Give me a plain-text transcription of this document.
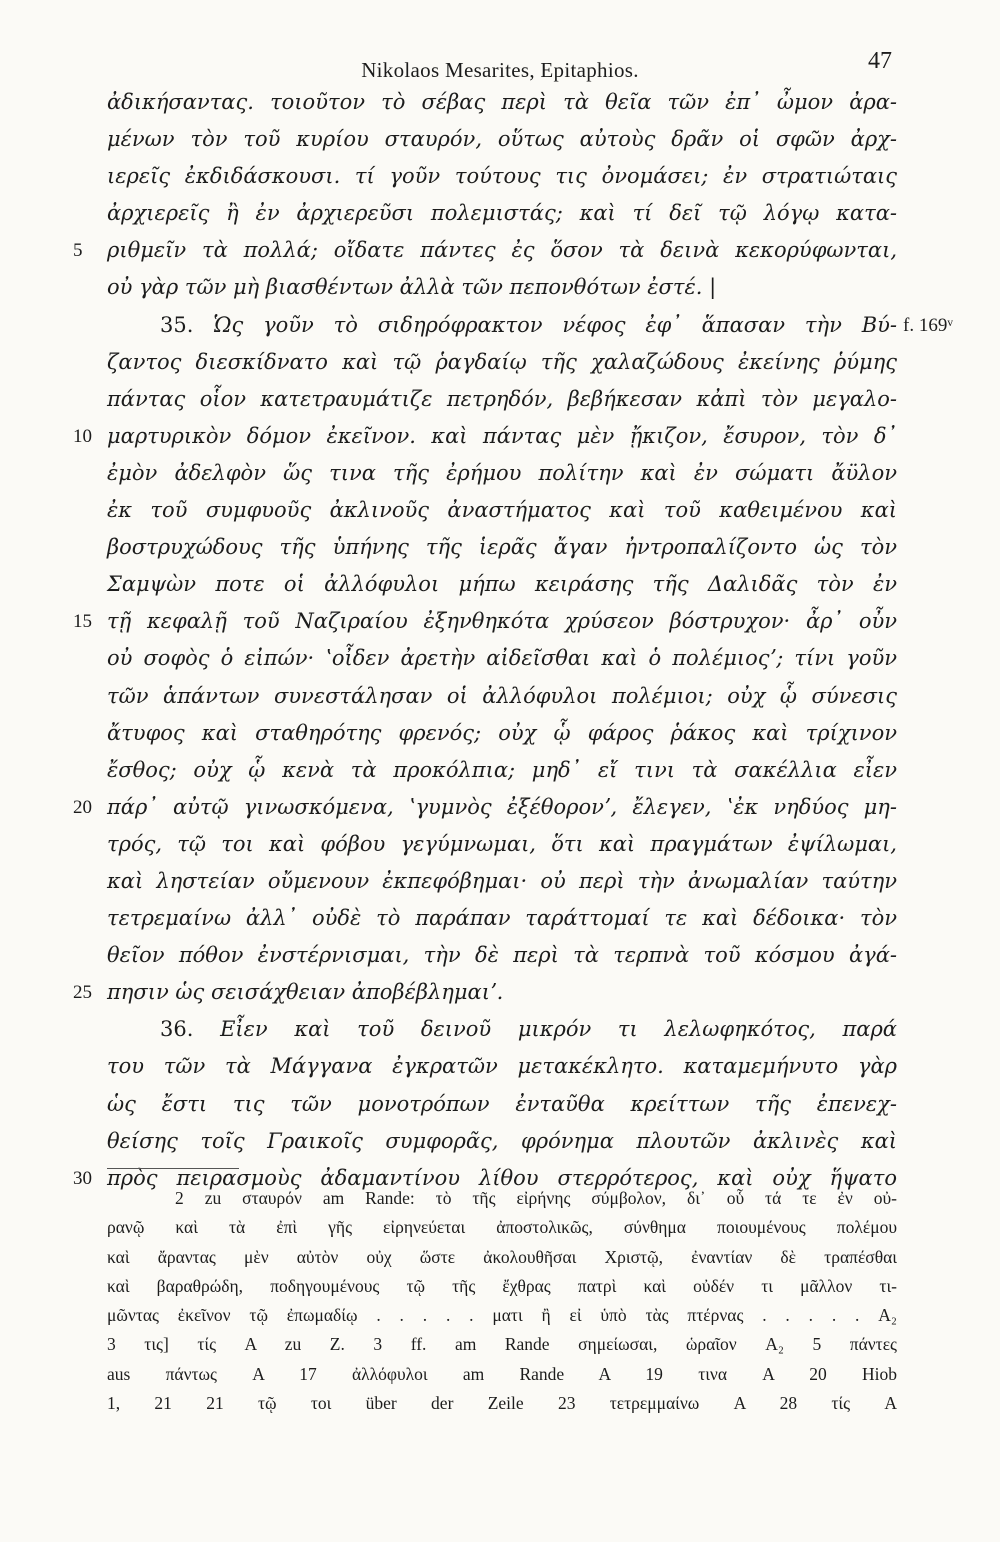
Nikolaos Mesarites, Epitaphios.	47
ἀδικήσαντας. τοιοῦτον τὸ σέβας περὶ τὰ θεῖα τῶν ἐπ᾽ ὦμον ἀρα-
μένων τὸν τοῦ κυρίου σταυρόν, οὕτως αὐτοὺς δρᾶν οἱ σφῶν ἀρχ-
ιερεῖς ἐκδιδάσκουσι. τί γοῦν τούτους τις ὀνομάσει; ἐν στρατιώταις
ἀρχιερεῖς ἢ ἐν ἀρχιερεῦσι πολεμιστάς; καὶ τί δεῖ τῷ λόγῳ κατα-
5	ριθμεῖν τὰ πολλά; οἴδατε πάντες ἐς ὅσον τὰ δεινὰ κεκορύφωνται,
οὐ γὰρ τῶν μὴ βιασθέντων ἀλλὰ τῶν πεπονθότων ἐστέ. |
35. Ὡς γοῦν τὸ σιδηρόφρακτον νέφος ἐφ᾽ ἅπασαν τὴν Βύ- f. 169ᵛ
ζαντος διεσκίδνατο καὶ τῷ ῥαγδαίῳ τῆς χαλαζώδους ἐκείνης ῥύμης
πάντας οἷον κατετραυμάτιζε πετρηδόν, βεβήκεσαν κἀπὶ τὸν μεγαλο-
10 μαρτυρικὸν δόμον ἐκεῖνον. καὶ πάντας μὲν ᾔκιζον, ἔσυρον, τὸν δ᾽
ἐμὸν ἀδελφὸν ὥς τινα τῆς ἐρήμου πολίτην καὶ ἐν σώματι ἄϋλον
ἐκ τοῦ συμφυοῦς ἀκλινοῦς ἀναστήματος καὶ τοῦ καθειμένου καὶ
βοστρυχώδους τῆς ὑπήνης τῆς ἱερᾶς ἄγαν ἠντροπαλίζοντο ὡς τὸν
Σαμψὼν ποτε οἱ ἀλλόφυλοι μήπω κειράσης τῆς Δαλιδᾶς τὸν ἐν
15 τῇ κεφαλῇ τοῦ Ναζιραίου ἐξηνθηκότα χρύσεον βόστρυχον· ἆρ᾽ οὖν
οὐ σοφὸς ὁ εἰπών· ʽοἶδεν ἀρετὴν αἰδεῖσθαι καὶ ὁ πολέμιοςʼ; τίνι γοῦν
τῶν ἁπάντων συνεστάλησαν οἱ ἀλλόφυλοι πολέμιοι; οὐχ ᾧ σύνεσις
ἄτυφος καὶ σταθηρότης φρενός; οὐχ ᾧ φάρος ῥάκος καὶ τρίχινον
ἔσθος; οὐχ ᾧ κενὰ τὰ προκόλπια; μηδ᾽ εἴ τινι τὰ σακέλλια εἶεν
20 πάρ᾽ αὐτῷ γινωσκόμενα, ʽγυμνὸς ἐξέθορονʼ, ἔλεγεν, ʽἐκ νηδύος μη-
τρός, τῷ τοι καὶ φόβου γεγύμνωμαι, ὅτι καὶ πραγμάτων ἐψίλωμαι,
καὶ ληστείαν οὔμενουν ἐκπεφόβημαι· οὐ περὶ τὴν ἀνωμαλίαν ταύτην
τετρεμαίνω ἀλλ᾽ οὐδὲ τὸ παράπαν ταράττομαί τε καὶ δέδοικα· τὸν
θεῖον πόθον ἐνστέρνισμαι, τὴν δὲ περὶ τὰ τερπνὰ τοῦ κόσμου ἀγά-
25 πησιν ὡς σεισάχθειαν ἀποβέβλημαιʼ.
36. Εἶεν καὶ τοῦ δεινοῦ μικρόν τι λελωφηκότος, παρά
του τῶν τὰ Μάγγανα ἐγκρατῶν μετακέκλητο. καταμεμήνυτο γὰρ
ὡς ἔστι τις τῶν μονοτρόπων ἐνταῦθα κρείττων τῆς ἐπενεχ-
θείσης τοῖς Γραικοῖς συμφορᾶς, φρόνημα πλουτῶν ἀκλινὲς καὶ
30 πρὸς πειρασμοὺς ἀδαμαντίνου λίθου στερρότερος, καὶ οὐχ ἥψατο
2 zu σταυρόν am Rande: τὸ τῆς εἰρήνης σύμβολον, δι᾽ οὗ τά τε ἐν οὐ-
ρανῷ καὶ τὰ ἐπὶ γῆς εἰρηνεύεται ἀποστολικῶς, σύνθημα ποιουμένους πολέμου
καὶ ἄραντας μὲν αὐτὸν οὐχ ὥστε ἀκολουθῆσαι Χριστῷ, ἐναντίαν δὲ τραπέσθαι
καὶ βαραθρώδη, ποδηγουμένους τῷ τῆς ἔχθρας πατρὶ καὶ οὐδέν τι μᾶλλον τι-
μῶντας ἐκεῖνον τῷ ἐπωμαδίῳ . . . . . ματι ἢ εἰ ὑπὸ τὰς πτέρνας . . . . . A₂
3 τις] τίς A zu Z. 3 ff. am Rande σημείωσαι, ὡραῖον A₂ 5 πάντες
aus πάντως A 17 ἀλλόφυλοι am Rande A 19 τινα A 20 Hiob
1, 21 21 τῷ τοι über der Zeile 23 τετρεμμαίνω A 28 τίς A
